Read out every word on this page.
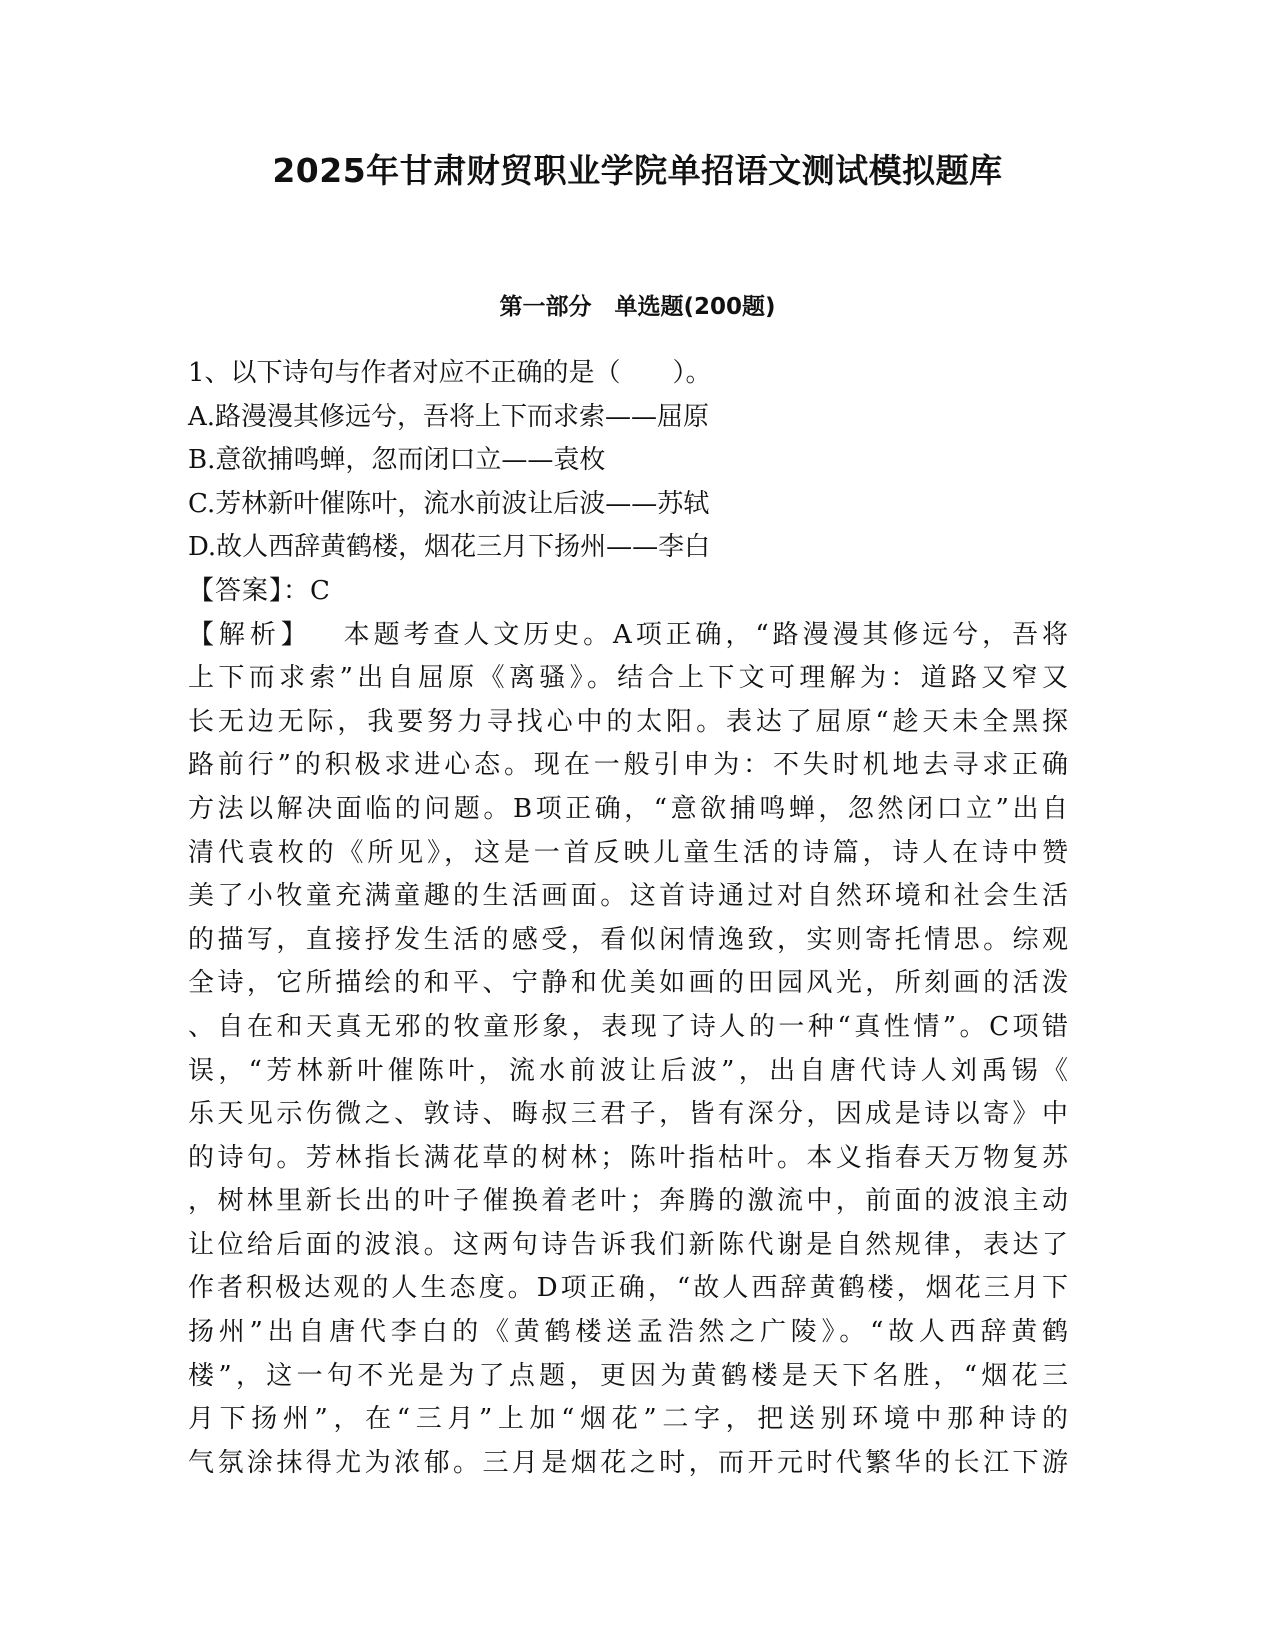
2025年甘肃财贸职业学院单招语文测试模拟题库
第一部分　单选题(200题)
1、以下诗句与作者对应不正确的是（　　）。
A.路漫漫其修远兮，吾将上下而求索——屈原
B.意欲捕鸣蝉，忽而闭口立——袁枚
C.芳林新叶催陈叶，流水前波让后波——苏轼
D.故人西辞黄鹤楼，烟花三月下扬州——李白
【答案】：C
【解析】 本题考查人文历史。A项正确，“路漫漫其修远兮，吾将
上下而求索”出自屈原《离骚》。结合上下文可理解为：道路又窄又
长无边无际，我要努力寻找心中的太阳。表达了屈原“趁天未全黑探
路前行”的积极求进心态。现在一般引申为：不失时机地去寻求正确
方法以解决面临的问题。B项正确，“意欲捕鸣蝉，忽然闭口立”出自
清代袁枚的《所见》，这是一首反映儿童生活的诗篇，诗人在诗中赞
美了小牧童充满童趣的生活画面。这首诗通过对自然环境和社会生活
的描写，直接抒发生活的感受，看似闲情逸致，实则寄托情思。综观
全诗，它所描绘的和平、宁静和优美如画的田园风光，所刻画的活泼
、自在和天真无邪的牧童形象，表现了诗人的一种“真性情”。C项错
误，“芳林新叶催陈叶，流水前波让后波”，出自唐代诗人刘禹锡《
乐天见示伤微之、敦诗、晦叔三君子，皆有深分，因成是诗以寄》中
的诗句。芳林指长满花草的树林；陈叶指枯叶。本义指春天万物复苏
，树林里新长出的叶子催换着老叶；奔腾的激流中，前面的波浪主动
让位给后面的波浪。这两句诗告诉我们新陈代谢是自然规律，表达了
作者积极达观的人生态度。D项正确，“故人西辞黄鹤楼，烟花三月下
扬州”出自唐代李白的《黄鹤楼送孟浩然之广陵》。“故人西辞黄鹤
楼”，这一句不光是为了点题，更因为黄鹤楼是天下名胜，“烟花三
月下扬州”，在“三月”上加“烟花”二字，把送别环境中那种诗的
气氛涂抹得尤为浓郁。三月是烟花之时，而开元时代繁华的长江下游
